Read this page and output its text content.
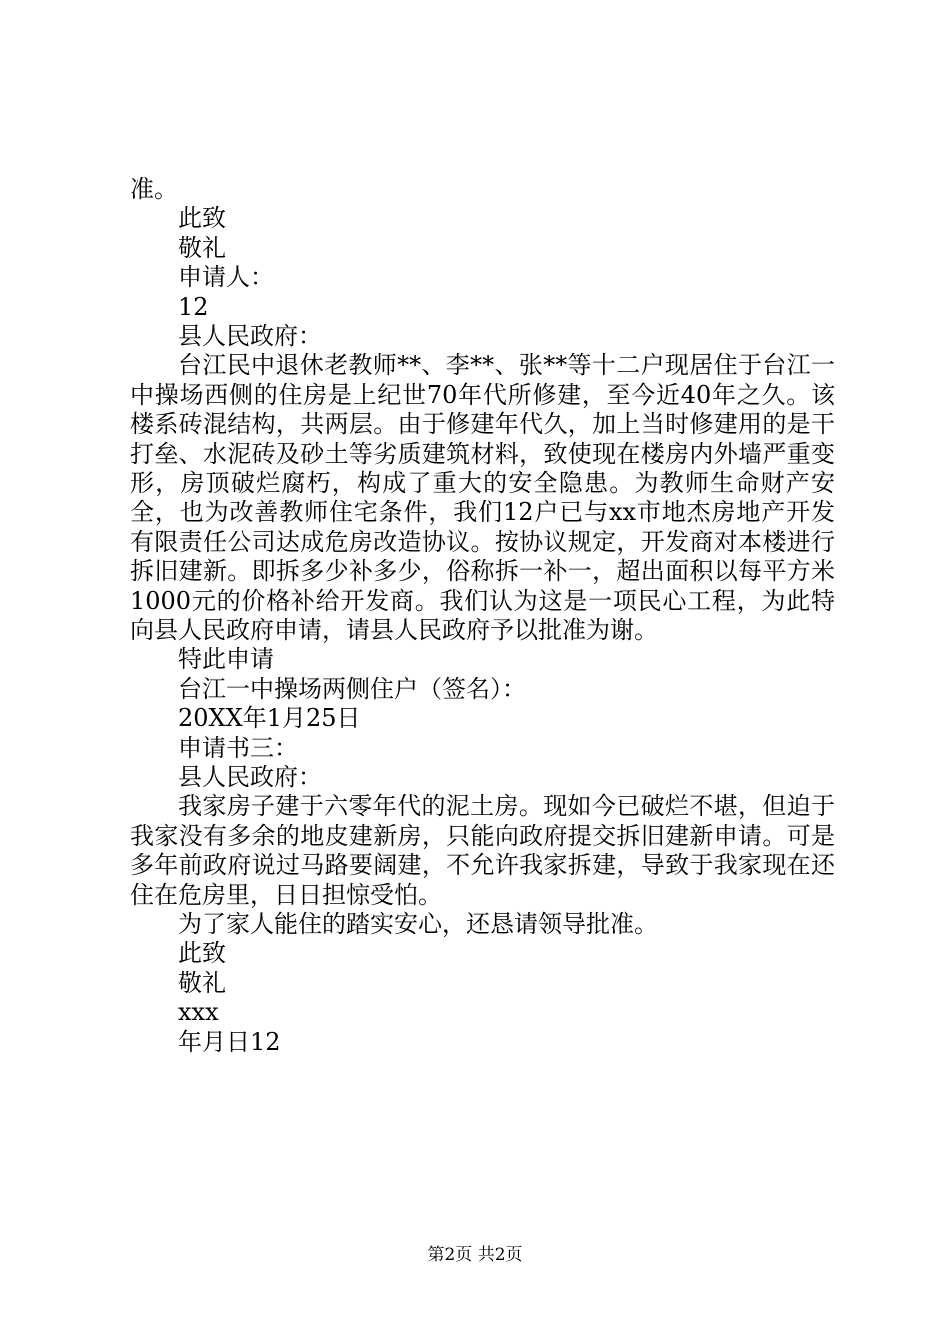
准。
此致
敬礼
申请人：
12
县人民政府：

台江民中退休老教师**、李**、张**等十二户现居住于台江一中操场西侧的住房是上纪世70年代所修建，至今近40年之久。该楼系砖混结构，共两层。由于修建年代久，加上当时修建用的是干打垒、水泥砖及砂土等劣质建筑材料，致使现在楼房内外墙严重变形，房顶破烂腐朽，构成了重大的安全隐患。为教师生命财产安全，也为改善教师住宅条件，我们12户已与xx市地杰房地产开发有限责任公司达成危房改造协议。按协议规定，开发商对本楼进行拆旧建新。即拆多少补多少，俗称拆一补一，超出面积以每平方米1000元的价格补给开发商。我们认为这是一项民心工程，为此特向县人民政府申请，请县人民政府予以批准为谢。

特此申请
台江一中操场两侧住户（签名）：
20XX年1月25日
申请书三：
县人民政府：

我家房子建于六零年代的泥土房。现如今已破烂不堪，但迫于我家没有多余的地皮建新房，只能向政府提交拆旧建新申请。可是多年前政府说过马路要阔建，不允许我家拆建，导致于我家现在还住在危房里，日日担惊受怕。

为了家人能住的踏实安心，还恳请领导批准。
此致
敬礼
xxx
年月日12
第2页 共2页
